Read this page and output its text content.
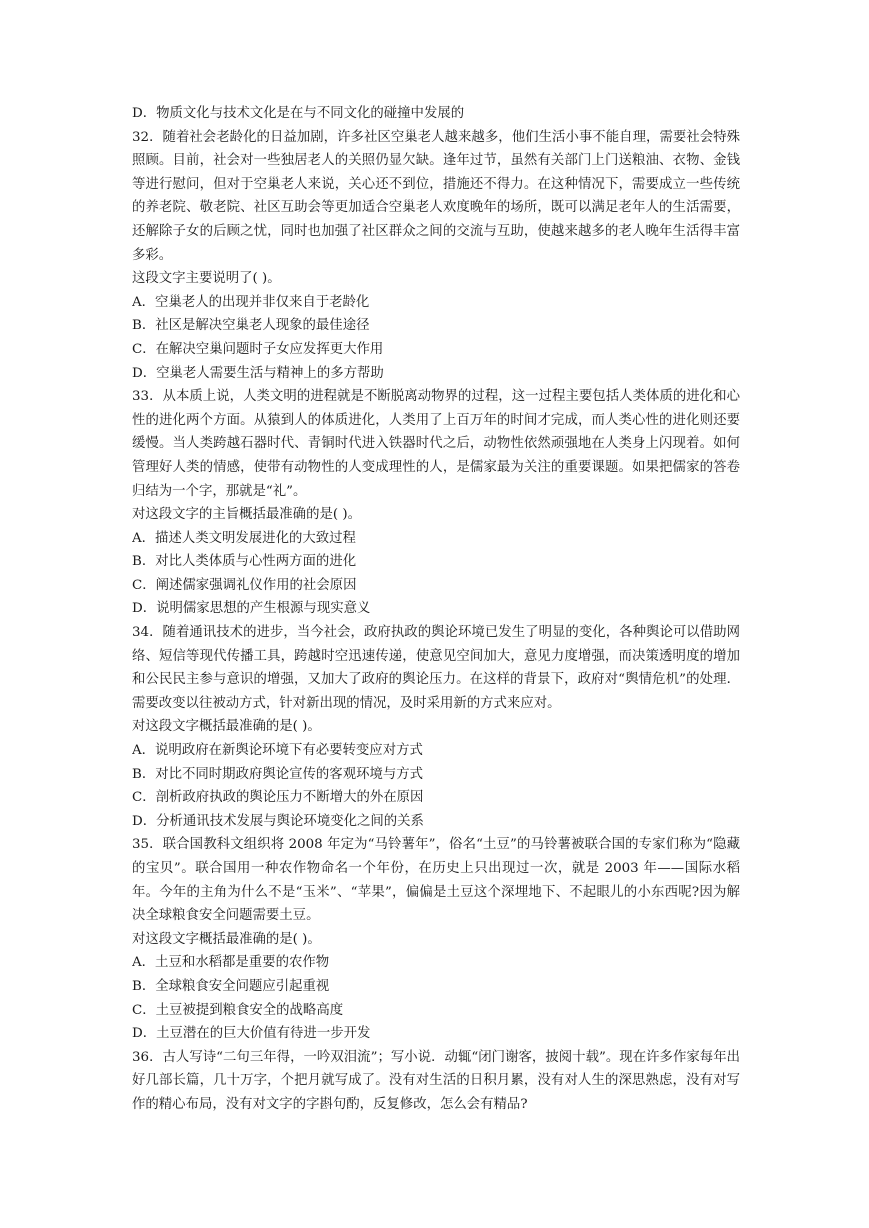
D．物质文化与技术文化是在与不同文化的碰撞中发展的

32．随着社会老龄化的日益加剧，许多社区空巢老人越来越多，他们生活小事不能自理，需要社会特殊照顾。目前，社会对一些独居老人的关照仍显欠缺。逢年过节，虽然有关部门上门送粮油、衣物、金钱等进行慰问，但对于空巢老人来说，关心还不到位，措施还不得力。在这种情况下，需要成立一些传统的养老院、敬老院、社区互助会等更加适合空巢老人欢度晚年的场所，既可以满足老年人的生活需要，还解除子女的后顾之忧，同时也加强了社区群众之间的交流与互助，使越来越多的老人晚年生活得丰富多彩。

这段文字主要说明了( )。

A．空巢老人的出现并非仅来自于老龄化

B．社区是解决空巢老人现象的最佳途径

C．在解决空巢问题时子女应发挥更大作用

D．空巢老人需要生活与精神上的多方帮助

33．从本质上说，人类文明的进程就是不断脱离动物界的过程，这一过程主要包括人类体质的进化和心性的进化两个方面。从猿到人的体质进化，人类用了上百万年的时间才完成，而人类心性的进化则还要缓慢。当人类跨越石器时代、青铜时代进入铁器时代之后，动物性依然顽强地在人类身上闪现着。如何管理好人类的情感，使带有动物性的人变成理性的人，是儒家最为关注的重要课题。如果把儒家的答卷归结为一个字，那就是“礼”。

对这段文字的主旨概括最准确的是( )。

A．描述人类文明发展进化的大致过程

B．对比人类体质与心性两方面的进化

C．阐述儒家强调礼仪作用的社会原因

D．说明儒家思想的产生根源与现实意义

34．随着通讯技术的进步，当今社会，政府执政的舆论环境已发生了明显的变化，各种舆论可以借助网络、短信等现代传播工具，跨越时空迅速传递，使意见空间加大，意见力度增强，而决策透明度的增加和公民民主参与意识的增强，又加大了政府的舆论压力。在这样的背景下，政府对“舆情危机”的处理．需要改变以往被动方式，针对新出现的情况，及时采用新的方式来应对。

对这段文字概括最准确的是( )。

A．说明政府在新舆论环境下有必要转变应对方式

B．对比不同时期政府舆论宣传的客观环境与方式

C．剖析政府执政的舆论压力不断增大的外在原因

D．分析通讯技术发展与舆论环境变化之间的关系

35．联合国教科文组织将 2008 年定为“马铃薯年”，俗名“土豆”的马铃薯被联合国的专家们称为“隐藏的宝贝”。联合国用一种农作物命名一个年份，在历史上只出现过一次，就是 2003 年——国际水稻年。今年的主角为什么不是“玉米”、“苹果”，偏偏是土豆这个深埋地下、不起眼儿的小东西呢?因为解决全球粮食安全问题需要土豆。

对这段文字概括最准确的是( )。

A．土豆和水稻都是重要的农作物

B．全球粮食安全问题应引起重视

C．土豆被提到粮食安全的战略高度

D．土豆潜在的巨大价值有待进一步开发

36．古人写诗“二句三年得，一吟双泪流”；写小说．动辄“闭门谢客，披阅十载”。现在许多作家每年出好几部长篇，几十万字，个把月就写成了。没有对生活的日积月累，没有对人生的深思熟虑，没有对写作的精心布局，没有对文字的字斟句酌，反复修改，怎么会有精品?
